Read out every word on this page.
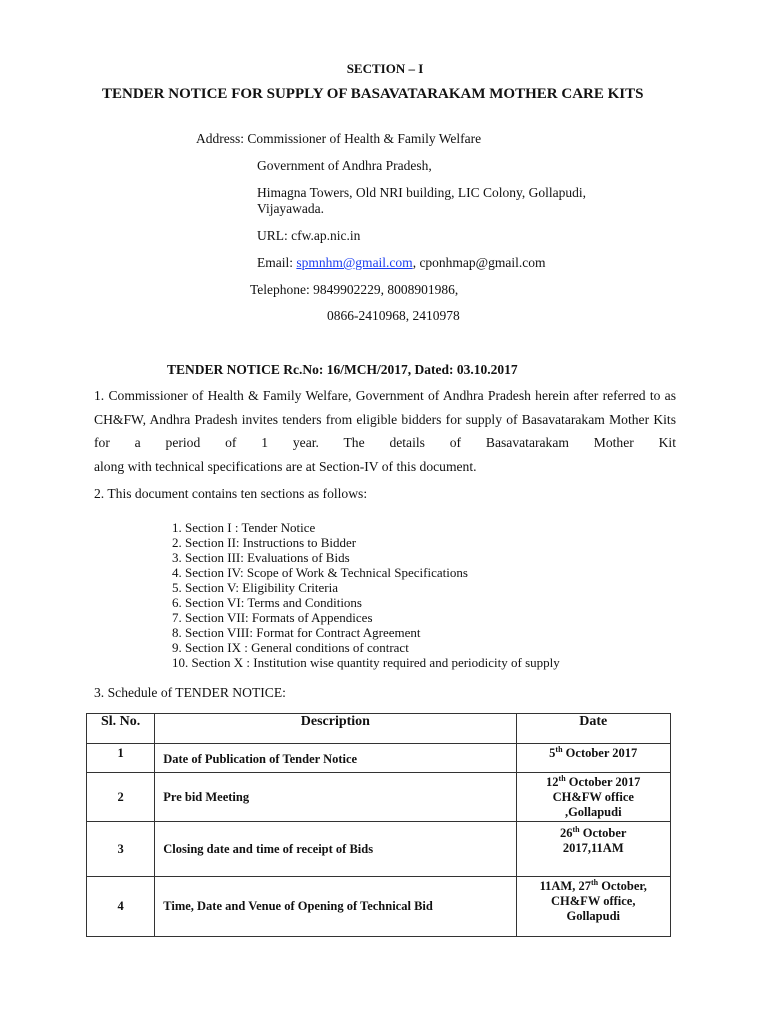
SECTION – I
TENDER NOTICE FOR SUPPLY OF BASAVATARAKAM MOTHER CARE KITS
Address: Commissioner of Health & Family Welfare
Government of Andhra Pradesh,
Himagna Towers, Old NRI building, LIC Colony, Gollapudi,
Vijayawada.
URL: cfw.ap.nic.in
Email: spmnhm@gmail.com, cponhmap@gmail.com
Telephone: 9849902229, 8008901986,
0866-2410968, 2410978
TENDER NOTICE Rc.No: 16/MCH/2017, Dated: 03.10.2017
1. Commissioner of Health & Family Welfare, Government of Andhra Pradesh herein after referred to as CH&FW, Andhra Pradesh invites tenders from eligible bidders for supply of Basavatarakam Mother Kits for a period of 1 year. The details of Basavatarakam Mother Kit
along with technical specifications are at Section-IV of this document.
2. This document contains ten sections as follows:
1. Section I : Tender Notice
2. Section II: Instructions to Bidder
3. Section III: Evaluations of Bids
4. Section IV: Scope of Work & Technical Specifications
5. Section V: Eligibility Criteria
6. Section VI: Terms and Conditions
7. Section VII: Formats of Appendices
8. Section VIII: Format for Contract Agreement
9. Section IX : General conditions of contract
10. Section X : Institution wise quantity required and periodicity of supply
3. Schedule of TENDER NOTICE:
Sl. No.	Description	Date
1	Date of Publication of Tender Notice	5th October 2017

2	Pre bid Meeting	12th October 2017
CH&FW office
,Gollapudi

3	Closing date and time of receipt of Bids	26th October
2017,11AM

4	Time, Date and Venue of Opening of Technical Bid	11AM, 27th October,
CH&FW office,
Gollapudi
